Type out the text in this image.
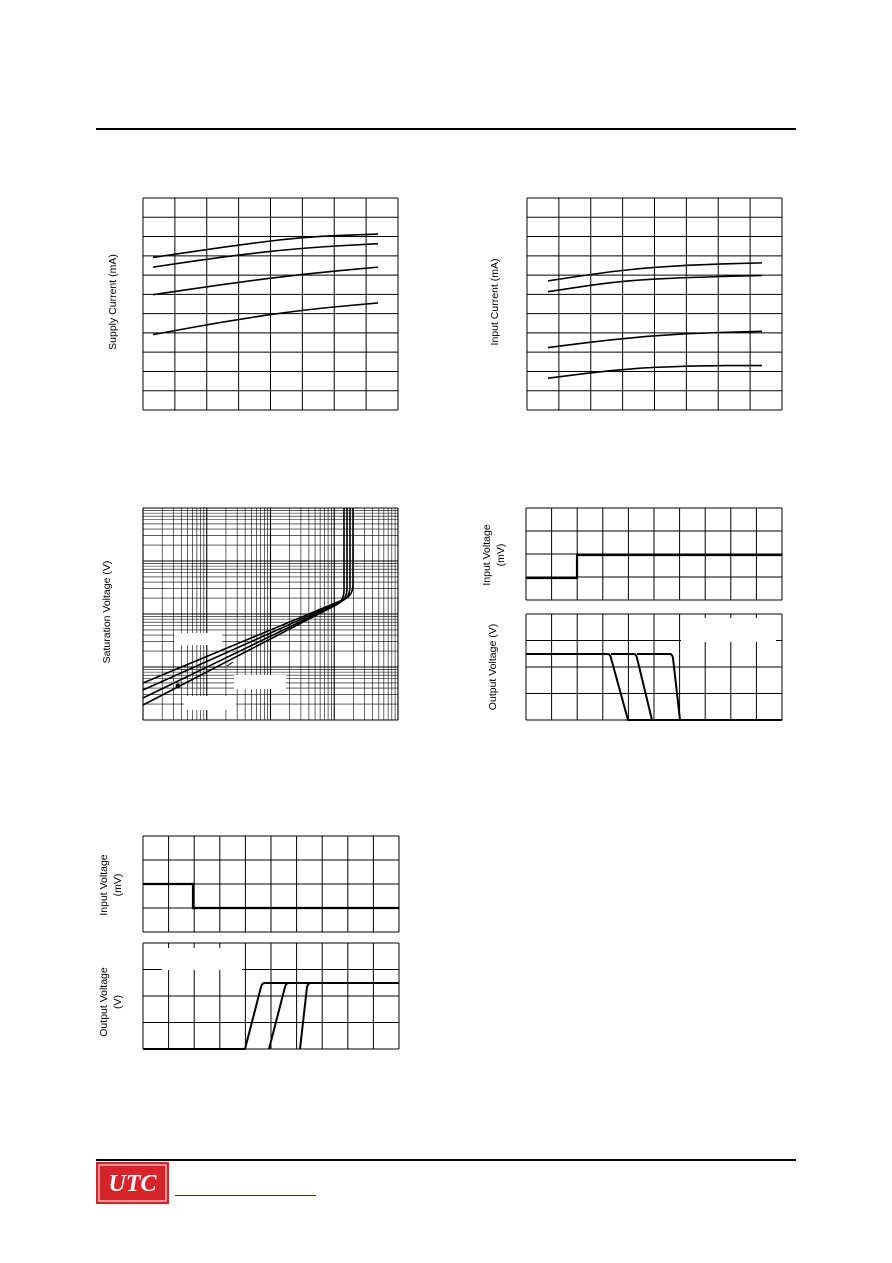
Supply Current (mA)	Input Current (mA)
Saturation Voltage (V)
Input Voltage (mV)
Output Voltage (V)
Input Voltage (mV)
Output Voltage (V)
UTC
